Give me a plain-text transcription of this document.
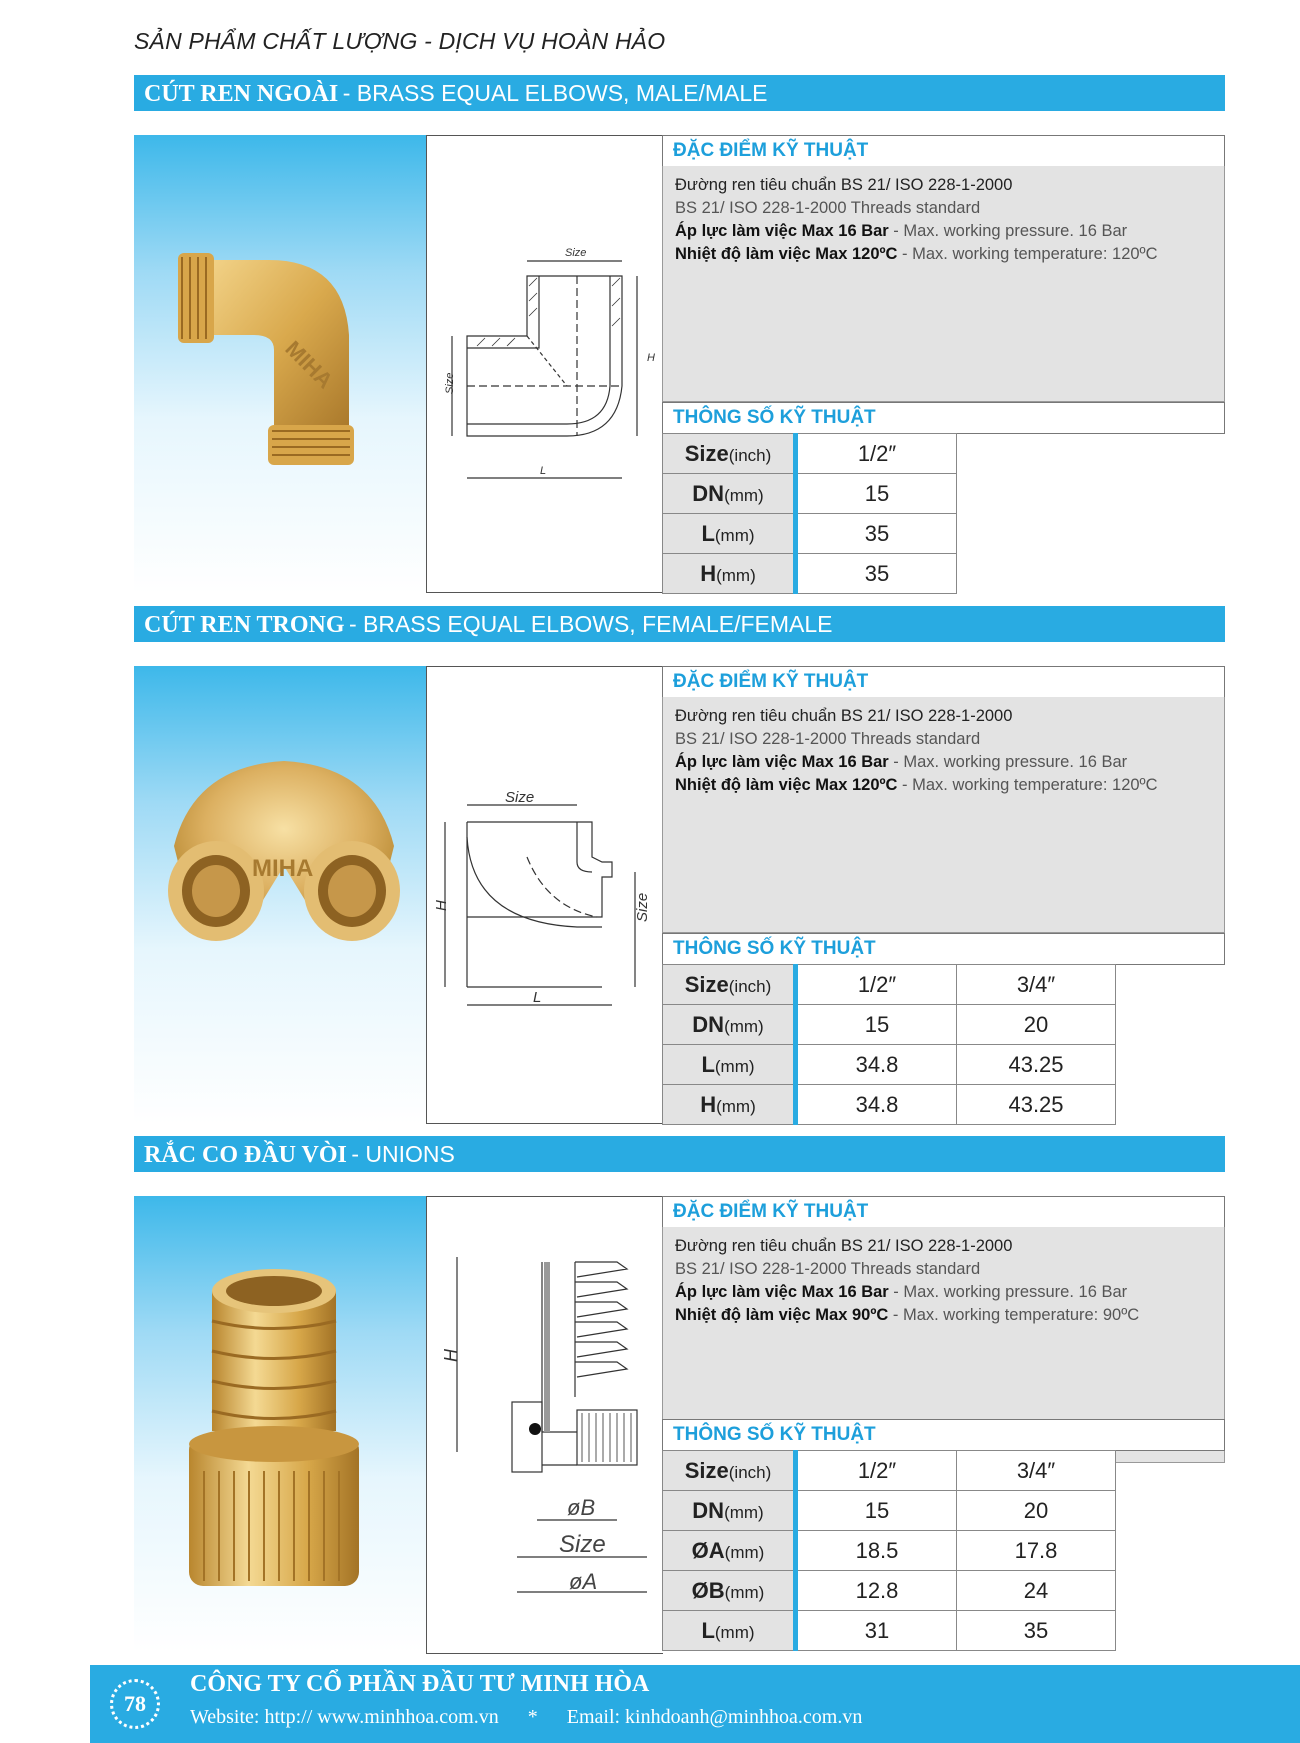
SẢN PHẨM CHẤT LƯỢNG - DỊCH VỤ HOÀN HẢO
CÚT REN NGOÀI - BRASS EQUAL ELBOWS, MALE/MALE
MIHA
Size
H
L
Size
ĐẶC ĐIỂM KỸ THUẬT

Đường ren tiêu chuẩn BS 21/ ISO 228-1-2000

BS 21/ ISO 228-1-2000 Threads standard

Áp lực làm việc Max 16 Bar - Max. working pressure. 16 Bar

Nhiệt độ làm việc Max 120ºC - Max. working temperature: 120ºC

THÔNG SỐ KỸ THUẬT
Size(inch)	1/2″
DN(mm)	15
L(mm)	35
H(mm)	35
CÚT REN TRONG - BRASS EQUAL ELBOWS, FEMALE/FEMALE
MIHA
Size
H
L
Size
ĐẶC ĐIỂM KỸ THUẬT

Đường ren tiêu chuẩn BS 21/ ISO 228-1-2000

BS 21/ ISO 228-1-2000 Threads standard

Áp lực làm việc Max 16 Bar - Max. working pressure. 16 Bar

Nhiệt độ làm việc Max 120ºC - Max. working temperature: 120ºC

THÔNG SỐ KỸ THUẬT
Size(inch)	1/2″	3/4″
DN(mm)	15	20
L(mm)	34.8	43.25
H(mm)	34.8	43.25
RẮC CO ĐẦU VÒI - UNIONS
H
øB
Size
øA
ĐẶC ĐIỂM KỸ THUẬT

Đường ren tiêu chuẩn BS 21/ ISO 228-1-2000

BS 21/ ISO 228-1-2000 Threads standard

Áp lực làm việc Max 16 Bar - Max. working pressure. 16 Bar

Nhiệt độ làm việc Max 90ºC - Max. working temperature: 90ºC

THÔNG SỐ KỸ THUẬT
Size(inch)	1/2″	3/4″
DN(mm)	15	20
ØA(mm)	18.5	17.8
ØB(mm)	12.8	24
L(mm)	31	35
78
CÔNG TY CỔ PHẦN ĐẦU TƯ MINH HÒA
Website: http:// www.minhhoa.com.vn * Email: kinhdoanh@minhhoa.com.vn
